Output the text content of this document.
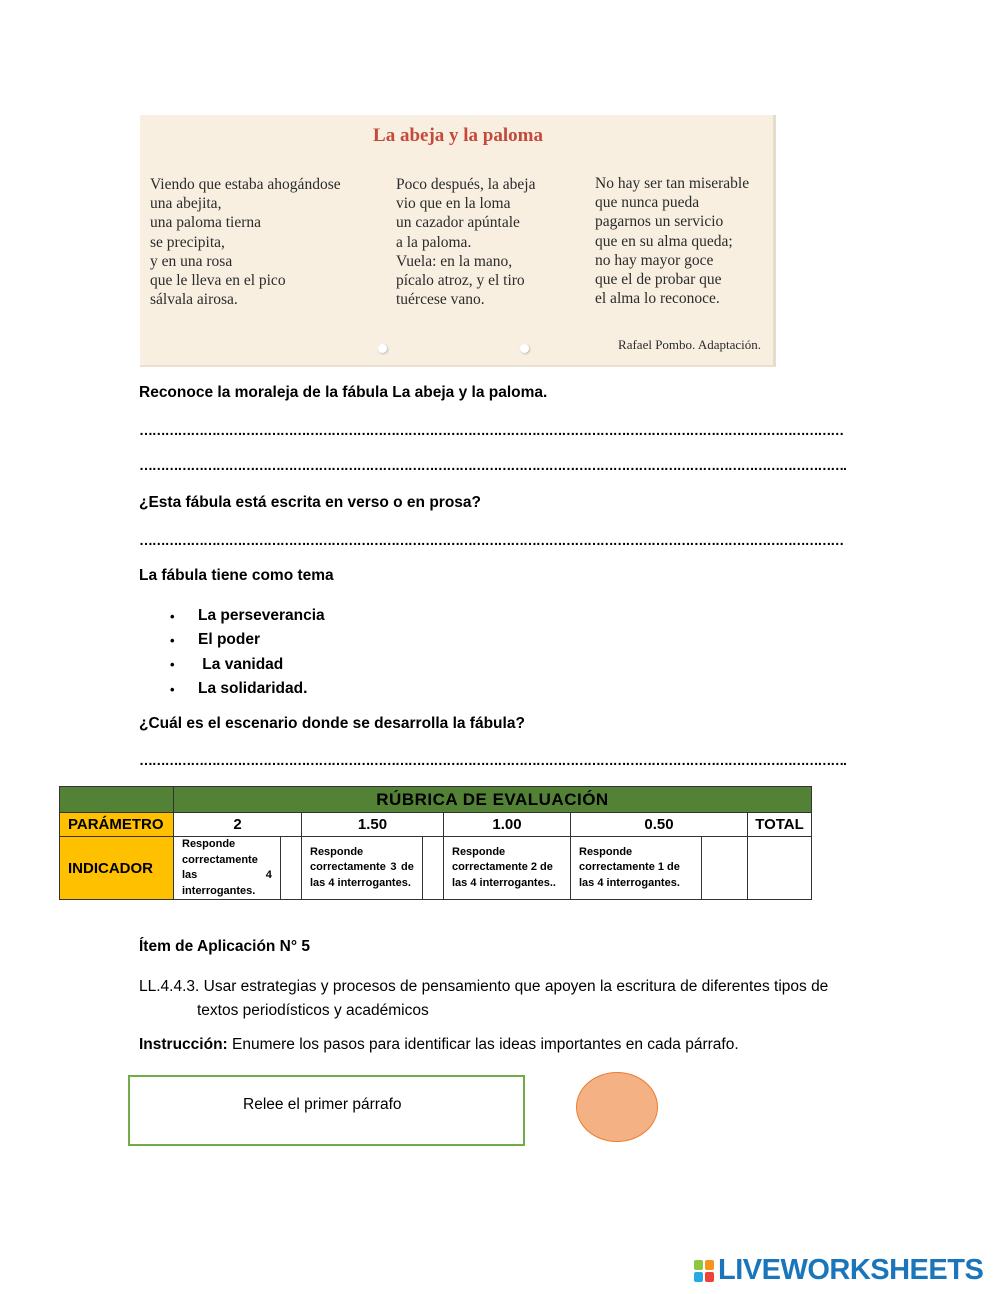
La abeja y la paloma
Viendo que estaba ahogándose
una abejita,
una paloma tierna
se precipita,
y en una rosa
que le lleva en el pico
sálvala airosa.
Poco después, la abeja
vio que en la loma
un cazador apúntale
a la paloma.
Vuela: en la mano,
pícalo atroz, y el tiro
tuércese vano.
No hay ser tan miserable
que nunca pueda
pagarnos un servicio
que en su alma queda;
no hay mayor goce
que el de probar que
el alma lo reconoce.
Rafael Pombo. Adaptación.
Reconoce la moraleja de la fábula La abeja y la paloma.
…………………………………………………………………………………………………………………………………………………
………………………………………………………………………………………………………………………………………………….
¿Esta fábula está escrita en verso o en prosa?
…………………………………………………………………………………………………………………………………………………
La fábula tiene como tema
•	La perseverancia
•	El poder
•	La vanidad
•	La solidaridad.
¿Cuál es el escenario donde se desarrolla la fábula?
………………………………………………………………………………………………………………………………………………….
	RÚBRICA DE EVALUACIÓN							
PARÁMETRO	2		1.50		1.00	0.50		TOTAL
INDICADOR	Responde correctamente las 4 interrogantes.		Responde correctamente 3 de las 4 interrogantes.		Responde correctamente 2 de las 4 interrogantes..	Responde correctamente 1 de las 4 interrogantes.		
Ítem de Aplicación N° 5
LL.4.4.3. Usar estrategias y procesos de pensamiento que apoyen la escritura de diferentes tipos de
textos periodísticos y académicos
Instrucción: Enumere los pasos para identificar las ideas importantes en cada párrafo.
Relee el primer párrafo
LIVEWORKSHEETS
